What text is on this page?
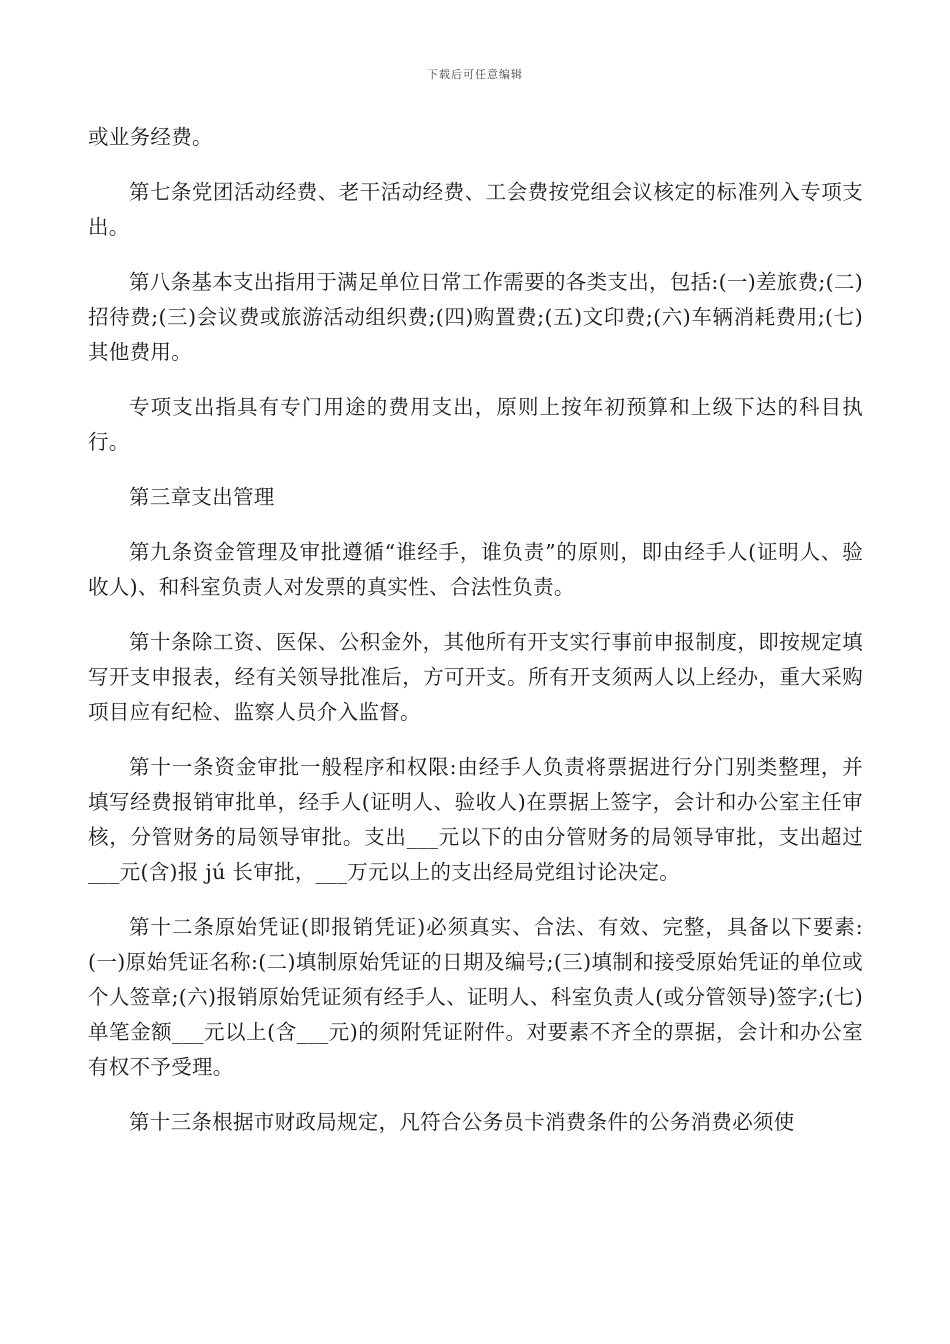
下载后可任意编辑

或业务经费。

第七条党团活动经费、老干活动经费、工会费按党组会议核定的标准列入专项支出。

第八条基本支出指用于满足单位日常工作需要的各类支出，包括:(一)差旅费;(二)招待费;(三)会议费或旅游活动组织费;(四)购置费;(五)文印费;(六)车辆消耗费用;(七)其他费用。

专项支出指具有专门用途的费用支出，原则上按年初预算和上级下达的科目执行。

第三章支出管理

第九条资金管理及审批遵循“谁经手，谁负责”的原则，即由经手人(证明人、验收人)、和科室负责人对发票的真实性、合法性负责。

第十条除工资、医保、公积金外，其他所有开支实行事前申报制度，即按规定填写开支申报表，经有关领导批准后，方可开支。所有开支须两人以上经办，重大采购项目应有纪检、监察人员介入监督。

第十一条资金审批一般程序和权限:由经手人负责将票据进行分门别类整理，并填写经费报销审批单，经手人(证明人、验收人)在票据上签字，会计和办公室主任审核，分管财务的局领导审批。支出___元以下的由分管财务的局领导审批，支出超过___元(含)报 jú 长审批，___万元以上的支出经局党组讨论决定。

第十二条原始凭证(即报销凭证)必须真实、合法、有效、完整，具备以下要素:(一)原始凭证名称:(二)填制原始凭证的日期及编号;(三)填制和接受原始凭证的单位或个人签章;(六)报销原始凭证须有经手人、证明人、科室负责人(或分管领导)签字;(七)单笔金额___元以上(含___元)的须附凭证附件。对要素不齐全的票据，会计和办公室有权不予受理。

第十三条根据市财政局规定，凡符合公务员卡消费条件的公务消费必须使
